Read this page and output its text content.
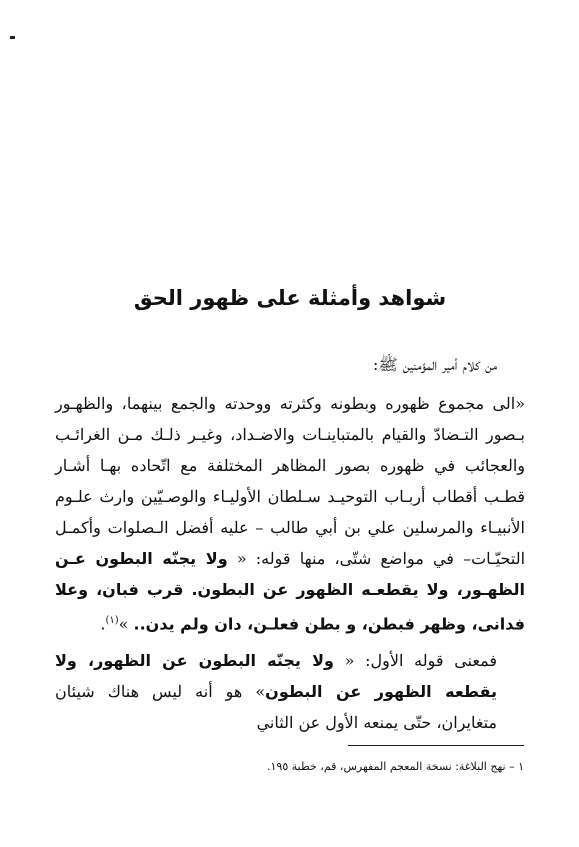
شواهد وأمثلة على ظهور الحق

من كلام أمير المؤمنين ﷺ:

«الى مجموع ظهوره وبطونه وكثرته ووحدته والجمع بينهما، والظهـور بـصور التـضادّ والقيام بالمتباينـات والاضـداد، وغيـر ذلـك مـن الغرائـب والعجائب في ظهوره بصور المظاهر المختلفة مع اتّحاده بهـا أشـار قطـب أقطاب أربـاب التوحيـد سـلطان الأوليـاء والوصـيّين وارث علـوم الأنبيـاء والمرسلين علي بن أبي طالب – عليه أفضل الـصلوات وأكمـل التحيّـات– في مواضع شتّى، منها قوله: « ولا يجنّه البطون عـن الظهـور، ولا يقطعـه الظهور عن البطون. قرب فبان، وعلا فدانى، وظهر فبطن، و بطن فعلـن، دان ولم يدن.. »$^{(١)}$.

فمعنى قوله الأول: « ولا يجنّه البطون عن الظهور، ولا يقطعه الظهور عن البطون» هو أنه ليس هناك شيئان متغايران، حتّى يمنعه الأول عن الثاني

١ – نهج البلاغة: نسخة المعجم المفهرس، قم، خطبة ١٩٥.
